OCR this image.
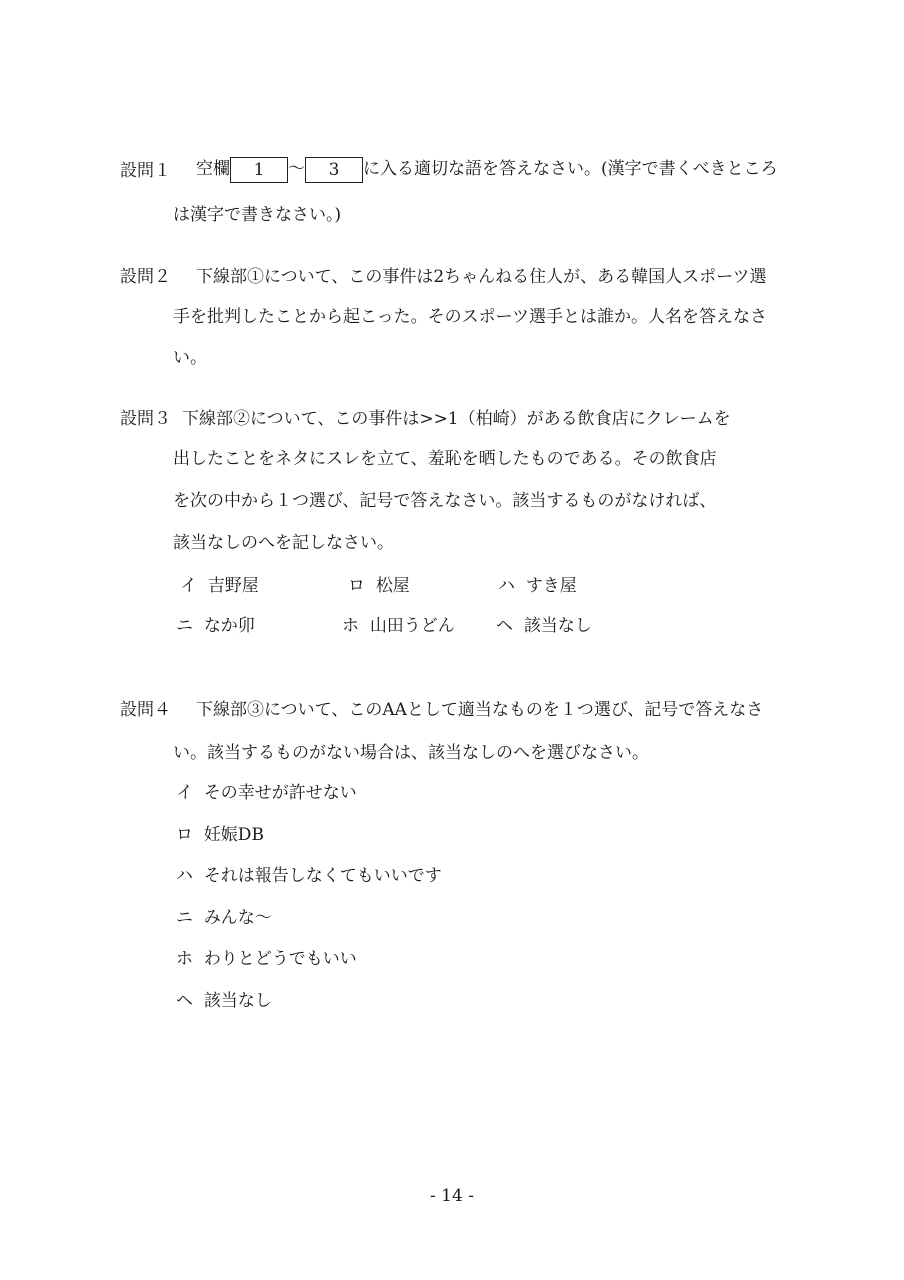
設問１ 空欄 1 〜 3 に入る適切な語を答えなさい。(漢字で書くべきところ
は漢字で書きなさい。)
設問２ 下線部①について、この事件は2ちゃんねる住人が、ある韓国人スポーツ選
手を批判したことから起こった。そのスポーツ選手とは誰か。人名を答えなさ
い。
設問３ 下線部②について、この事件は>>1（柏崎）がある飲食店にクレームを
出したことをネタにスレを立て、羞恥を晒したものである。その飲食店
を次の中から１つ選び、記号で答えなさい。該当するものがなければ、
該当なしのへを記しなさい。
イ 吉野屋	ロ 松屋	ハ すき屋
ニ なか卯	ホ 山田うどん ヘ 該当なし
設問４ 下線部③について、このAAとして適当なものを１つ選び、記号で答えなさ
い。該当するものがない場合は、該当なしのへを選びなさい。
イ その幸せが許せない
ロ 妊娠DB
ハ それは報告しなくてもいいです
ニ みんな〜
ホ わりとどうでもいい
ヘ 該当なし
- 14 -
